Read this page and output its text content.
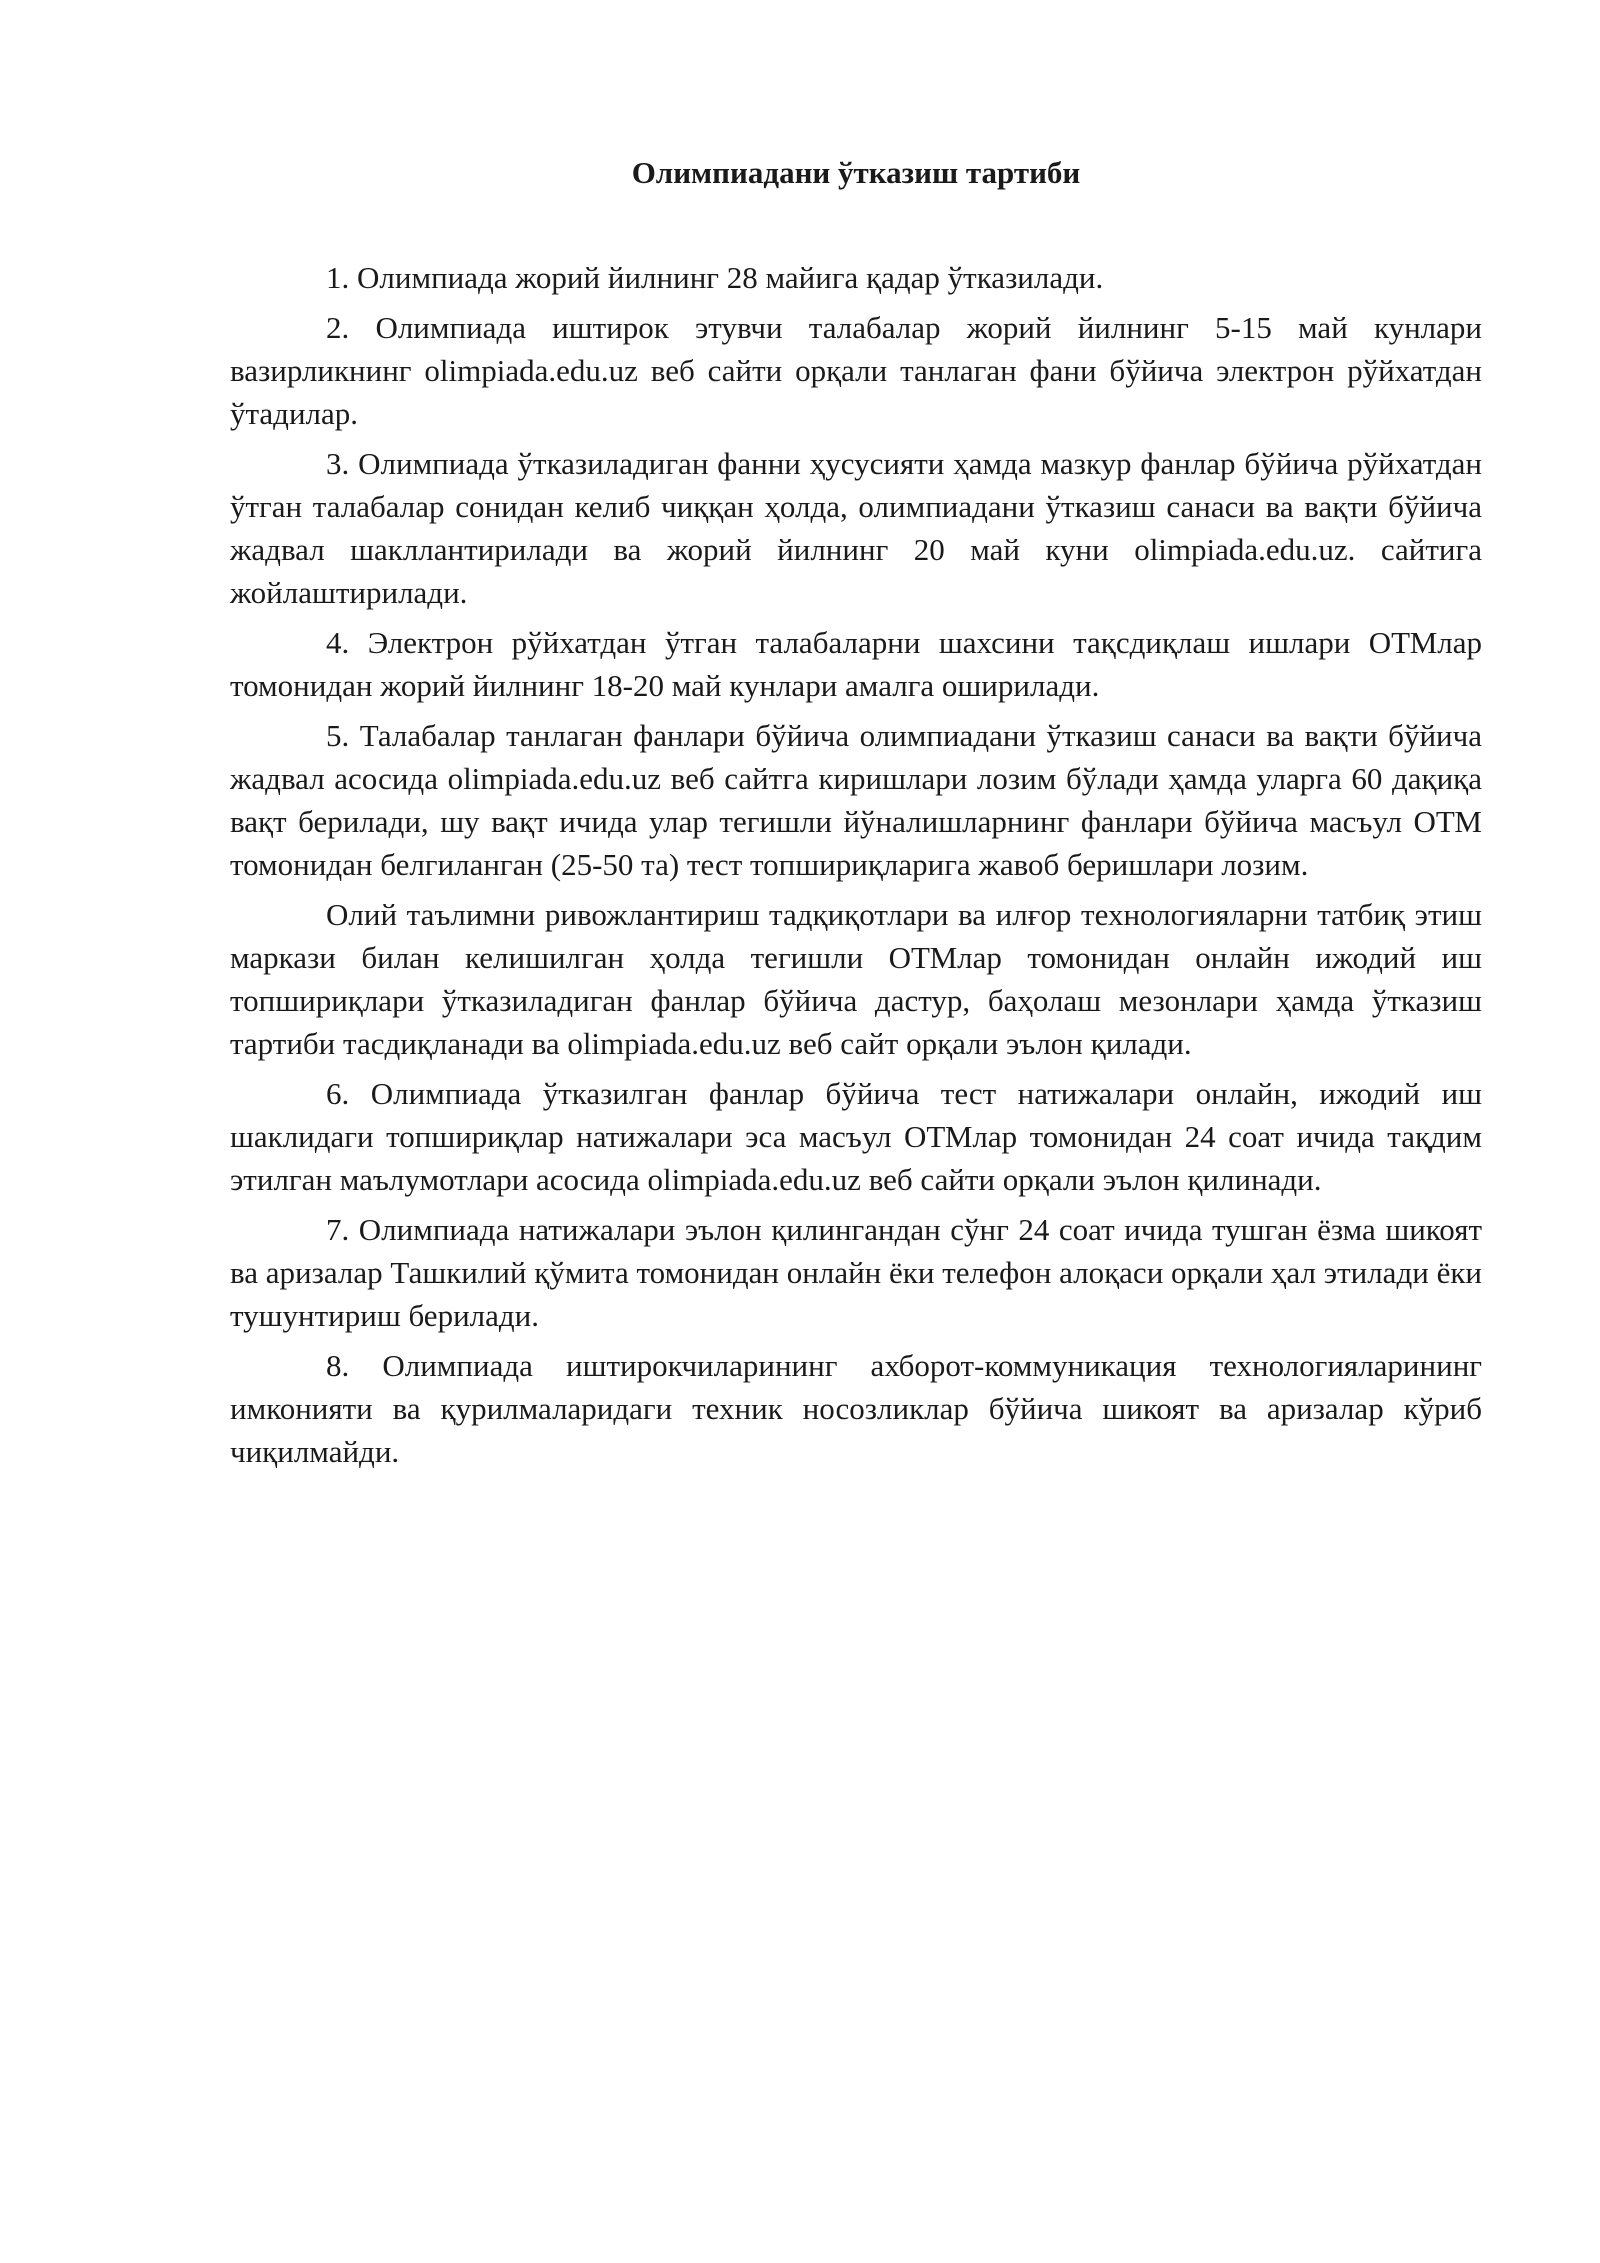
Олимпиадани ўтказиш тартиби

1. Олимпиада жорий йилнинг 28 майига қадар ўтказилади.

2. Олимпиада иштирок этувчи талабалар жорий йилнинг 5-15 май кунлари вазирликнинг olimpiada.edu.uz веб сайти орқали танлаган фани бўйича электрон рўйхатдан ўтадилар.

3. Олимпиада ўтказиладиган фанни ҳусусияти ҳамда мазкур фанлар бўйича рўйхатдан ўтган талабалар сонидан келиб чиққан ҳолда, олимпиадани ўтказиш санаси ва вақти бўйича жадвал шакллантирилади ва жорий йилнинг 20 май куни olimpiada.edu.uz. сайтига жойлаштирилади.

4. Электрон рўйхатдан ўтган талабаларни шахсини тақсдиқлаш ишлари ОТМлар томонидан жорий йилнинг 18-20 май кунлари амалга оширилади.

5. Талабалар танлаган фанлари бўйича олимпиадани ўтказиш санаси ва вақти бўйича жадвал асосида olimpiada.edu.uz веб сайтга киришлари лозим бўлади ҳамда уларга 60 дақиқа вақт берилади, шу вақт ичида улар тегишли йўналишларнинг фанлари бўйича масъул ОТМ томонидан белгиланган (25-50 та) тест топшириқларига жавоб беришлари лозим.

Олий таълимни ривожлантириш тадқиқотлари ва илғор технологияларни татбиқ этиш маркази билан келишилган ҳолда тегишли ОТМлар томонидан онлайн ижодий иш топшириқлари ўтказиладиган фанлар бўйича дастур, баҳолаш мезонлари ҳамда ўтказиш тартиби тасдиқланади ва olimpiada.edu.uz веб сайт орқали эълон қилади.

6. Олимпиада ўтказилган фанлар бўйича тест натижалари онлайн, ижодий иш шаклидаги топшириқлар натижалари эса масъул ОТМлар томонидан 24 соат ичида тақдим этилган маълумотлари асосида olimpiada.edu.uz веб сайти орқали эълон қилинади.

7. Олимпиада натижалари эълон қилингандан сўнг 24 соат ичида тушган ёзма шикоят ва аризалар Ташкилий қўмита томонидан онлайн ёки телефон алоқаси орқали ҳал этилади ёки тушунтириш берилади.

8. Олимпиада иштирокчиларининг ахборот-коммуникация технологияларининг имконияти ва қурилмаларидаги техник носозликлар бўйича шикоят ва аризалар кўриб чиқилмайди.
